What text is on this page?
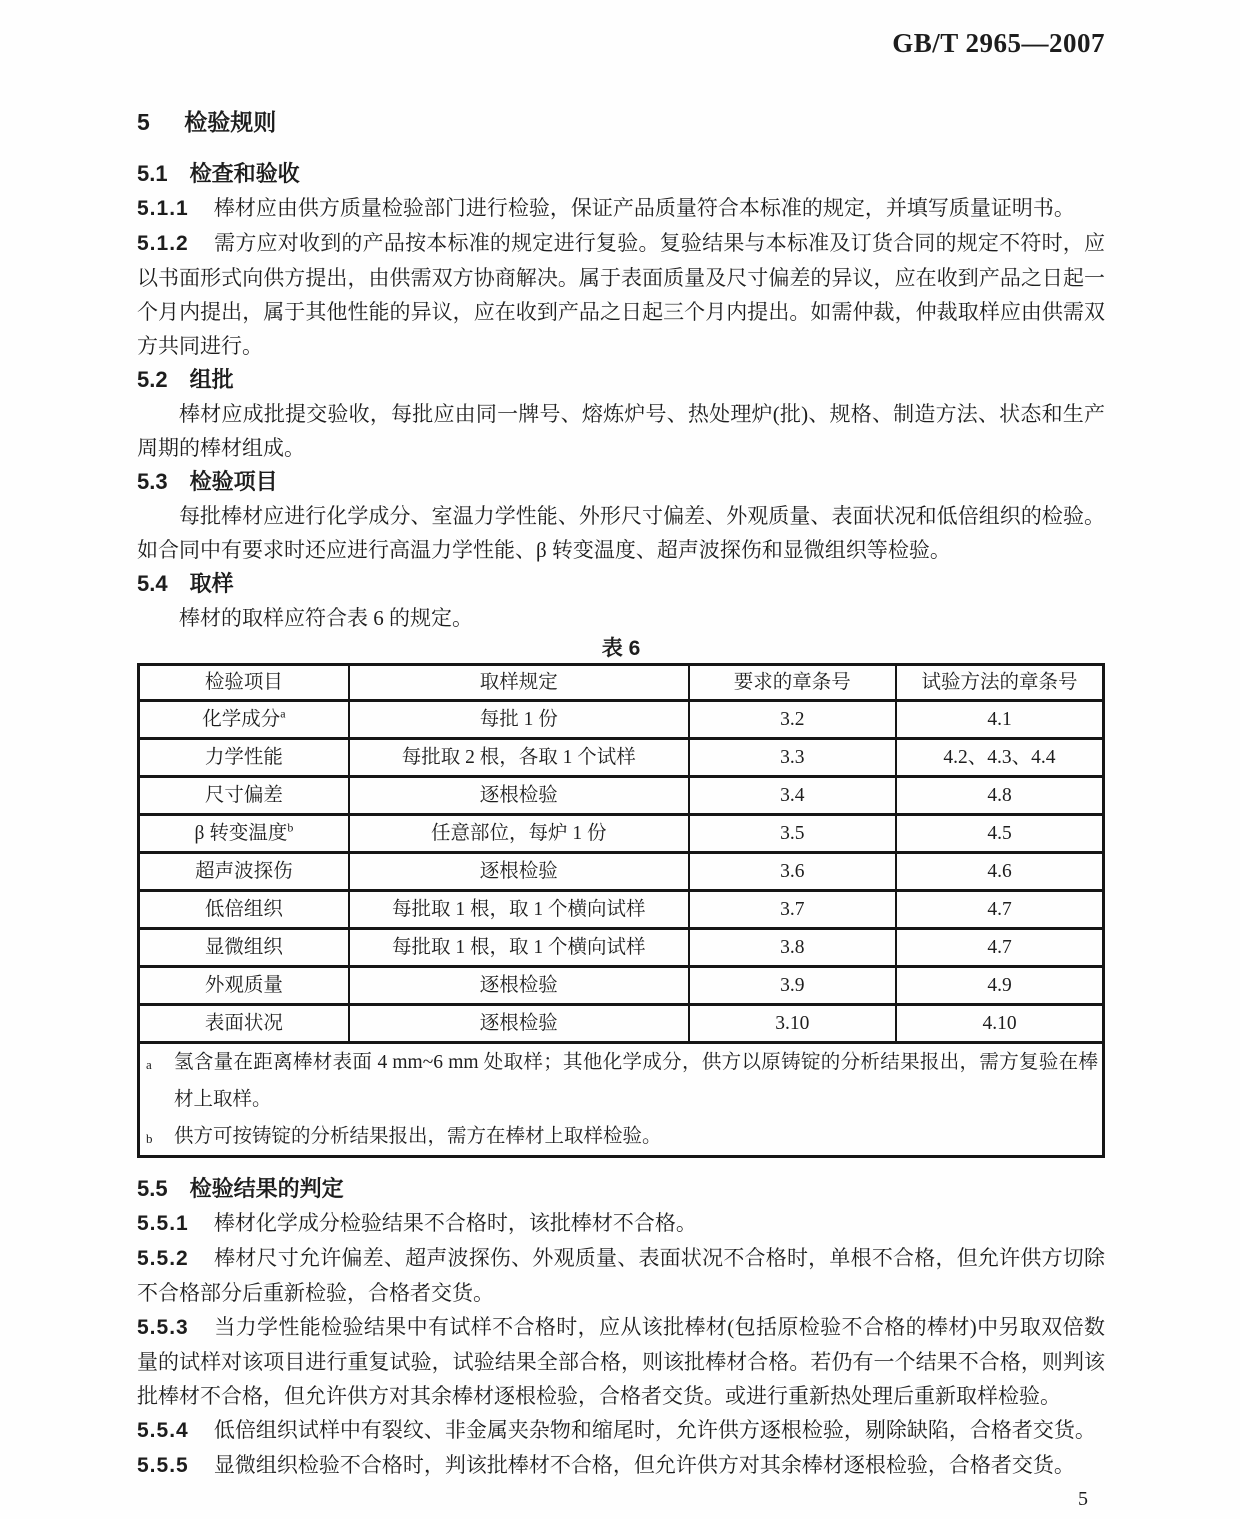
GB/T 2965—2007
5 检验规则
5.1 检查和验收

5.1.1 棒材应由供方质量检验部门进行检验，保证产品质量符合本标准的规定，并填写质量证明书。

5.1.2 需方应对收到的产品按本标准的规定进行复验。复验结果与本标准及订货合同的规定不符时，应以书面形式向供方提出，由供需双方协商解决。属于表面质量及尺寸偏差的异议，应在收到产品之日起一个月内提出，属于其他性能的异议，应在收到产品之日起三个月内提出。如需仲裁，仲裁取样应由供需双方共同进行。

5.2 组批

棒材应成批提交验收，每批应由同一牌号、熔炼炉号、热处理炉(批)、规格、制造方法、状态和生产周期的棒材组成。

5.3 检验项目

每批棒材应进行化学成分、室温力学性能、外形尺寸偏差、外观质量、表面状况和低倍组织的检验。如合同中有要求时还应进行高温力学性能、β 转变温度、超声波探伤和显微组织等检验。

5.4 取样

棒材的取样应符合表 6 的规定。

表 6
检验项目	取样规定	要求的章条号	试验方法的章条号
化学成分$^a$	每批 1 份	3.2	4.1
力学性能	每批取 2 根，各取 1 个试样	3.3	4.2、4.3、4.4
尺寸偏差	逐根检验	3.4	4.8
β 转变温度$^b$	任意部位，每炉 1 份	3.5	4.5
超声波探伤	逐根检验	3.6	4.6
低倍组织	每批取 1 根，取 1 个横向试样	3.7	4.7
显微组织	每批取 1 根，取 1 个横向试样	3.8	4.7
外观质量	逐根检验	3.9	4.9
表面状况	逐根检验	3.10	4.10

a 氢含量在距离棒材表面 4 mm~6 mm 处取样；其他化学成分，供方以原铸锭的分析结果报出，需方复验在棒材上取样。

b 供方可按铸锭的分析结果报出，需方在棒材上取样检验。			

5.5 检验结果的判定

5.5.1 棒材化学成分检验结果不合格时，该批棒材不合格。

5.5.2 棒材尺寸允许偏差、超声波探伤、外观质量、表面状况不合格时，单根不合格，但允许供方切除不合格部分后重新检验，合格者交货。

5.5.3 当力学性能检验结果中有试样不合格时，应从该批棒材(包括原检验不合格的棒材)中另取双倍数量的试样对该项目进行重复试验，试验结果全部合格，则该批棒材合格。若仍有一个结果不合格，则判该批棒材不合格，但允许供方对其余棒材逐根检验，合格者交货。或进行重新热处理后重新取样检验。

5.5.4 低倍组织试样中有裂纹、非金属夹杂物和缩尾时，允许供方逐根检验，剔除缺陷，合格者交货。

5.5.5 显微组织检验不合格时，判该批棒材不合格，但允许供方对其余棒材逐根检验，合格者交货。

5
